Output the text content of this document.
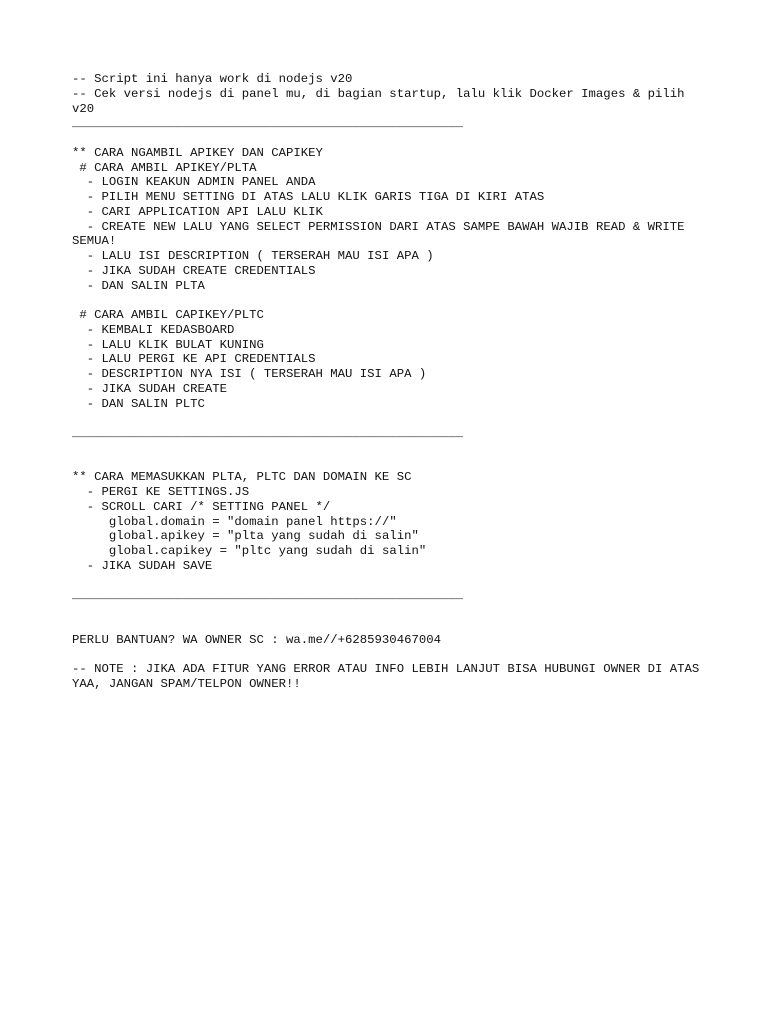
-- Script ini hanya work di nodejs v20
-- Cek versi nodejs di panel mu, di bagian startup, lalu klik Docker Images & pilih v20
_____________________________________________________
** CARA NGAMBIL APIKEY DAN CAPIKEY
# CARA AMBIL APIKEY/PLTA
- LOGIN KEAKUN ADMIN PANEL ANDA
- PILIH MENU SETTING DI ATAS LALU KLIK GARIS TIGA DI KIRI ATAS
- CARI APPLICATION API LALU KLIK
- CREATE NEW LALU YANG SELECT PERMISSION DARI ATAS SAMPE BAWAH WAJIB READ & WRITE SEMUA!
- LALU ISI DESCRIPTION ( TERSERAH MAU ISI APA )
- JIKA SUDAH CREATE CREDENTIALS
- DAN SALIN PLTA
# CARA AMBIL CAPIKEY/PLTC
- KEMBALI KEDASBOARD
- LALU KLIK BULAT KUNING
- LALU PERGI KE API CREDENTIALS
- DESCRIPTION NYA ISI ( TERSERAH MAU ISI APA )
- JIKA SUDAH CREATE
- DAN SALIN PLTC
_____________________________________________________
** CARA MEMASUKKAN PLTA, PLTC DAN DOMAIN KE SC
- PERGI KE SETTINGS.JS
- SCROLL CARI /* SETTING PANEL */
global.domain = "domain panel https://"
global.apikey = "plta yang sudah di salin"
global.capikey = "pltc yang sudah di salin"
- JIKA SUDAH SAVE
_____________________________________________________
PERLU BANTUAN? WA OWNER SC : wa.me//+6285930467004
-- NOTE : JIKA ADA FITUR YANG ERROR ATAU INFO LEBIH LANJUT BISA HUBUNGI OWNER DI ATAS YAA, JANGAN SPAM/TELPON OWNER!!
